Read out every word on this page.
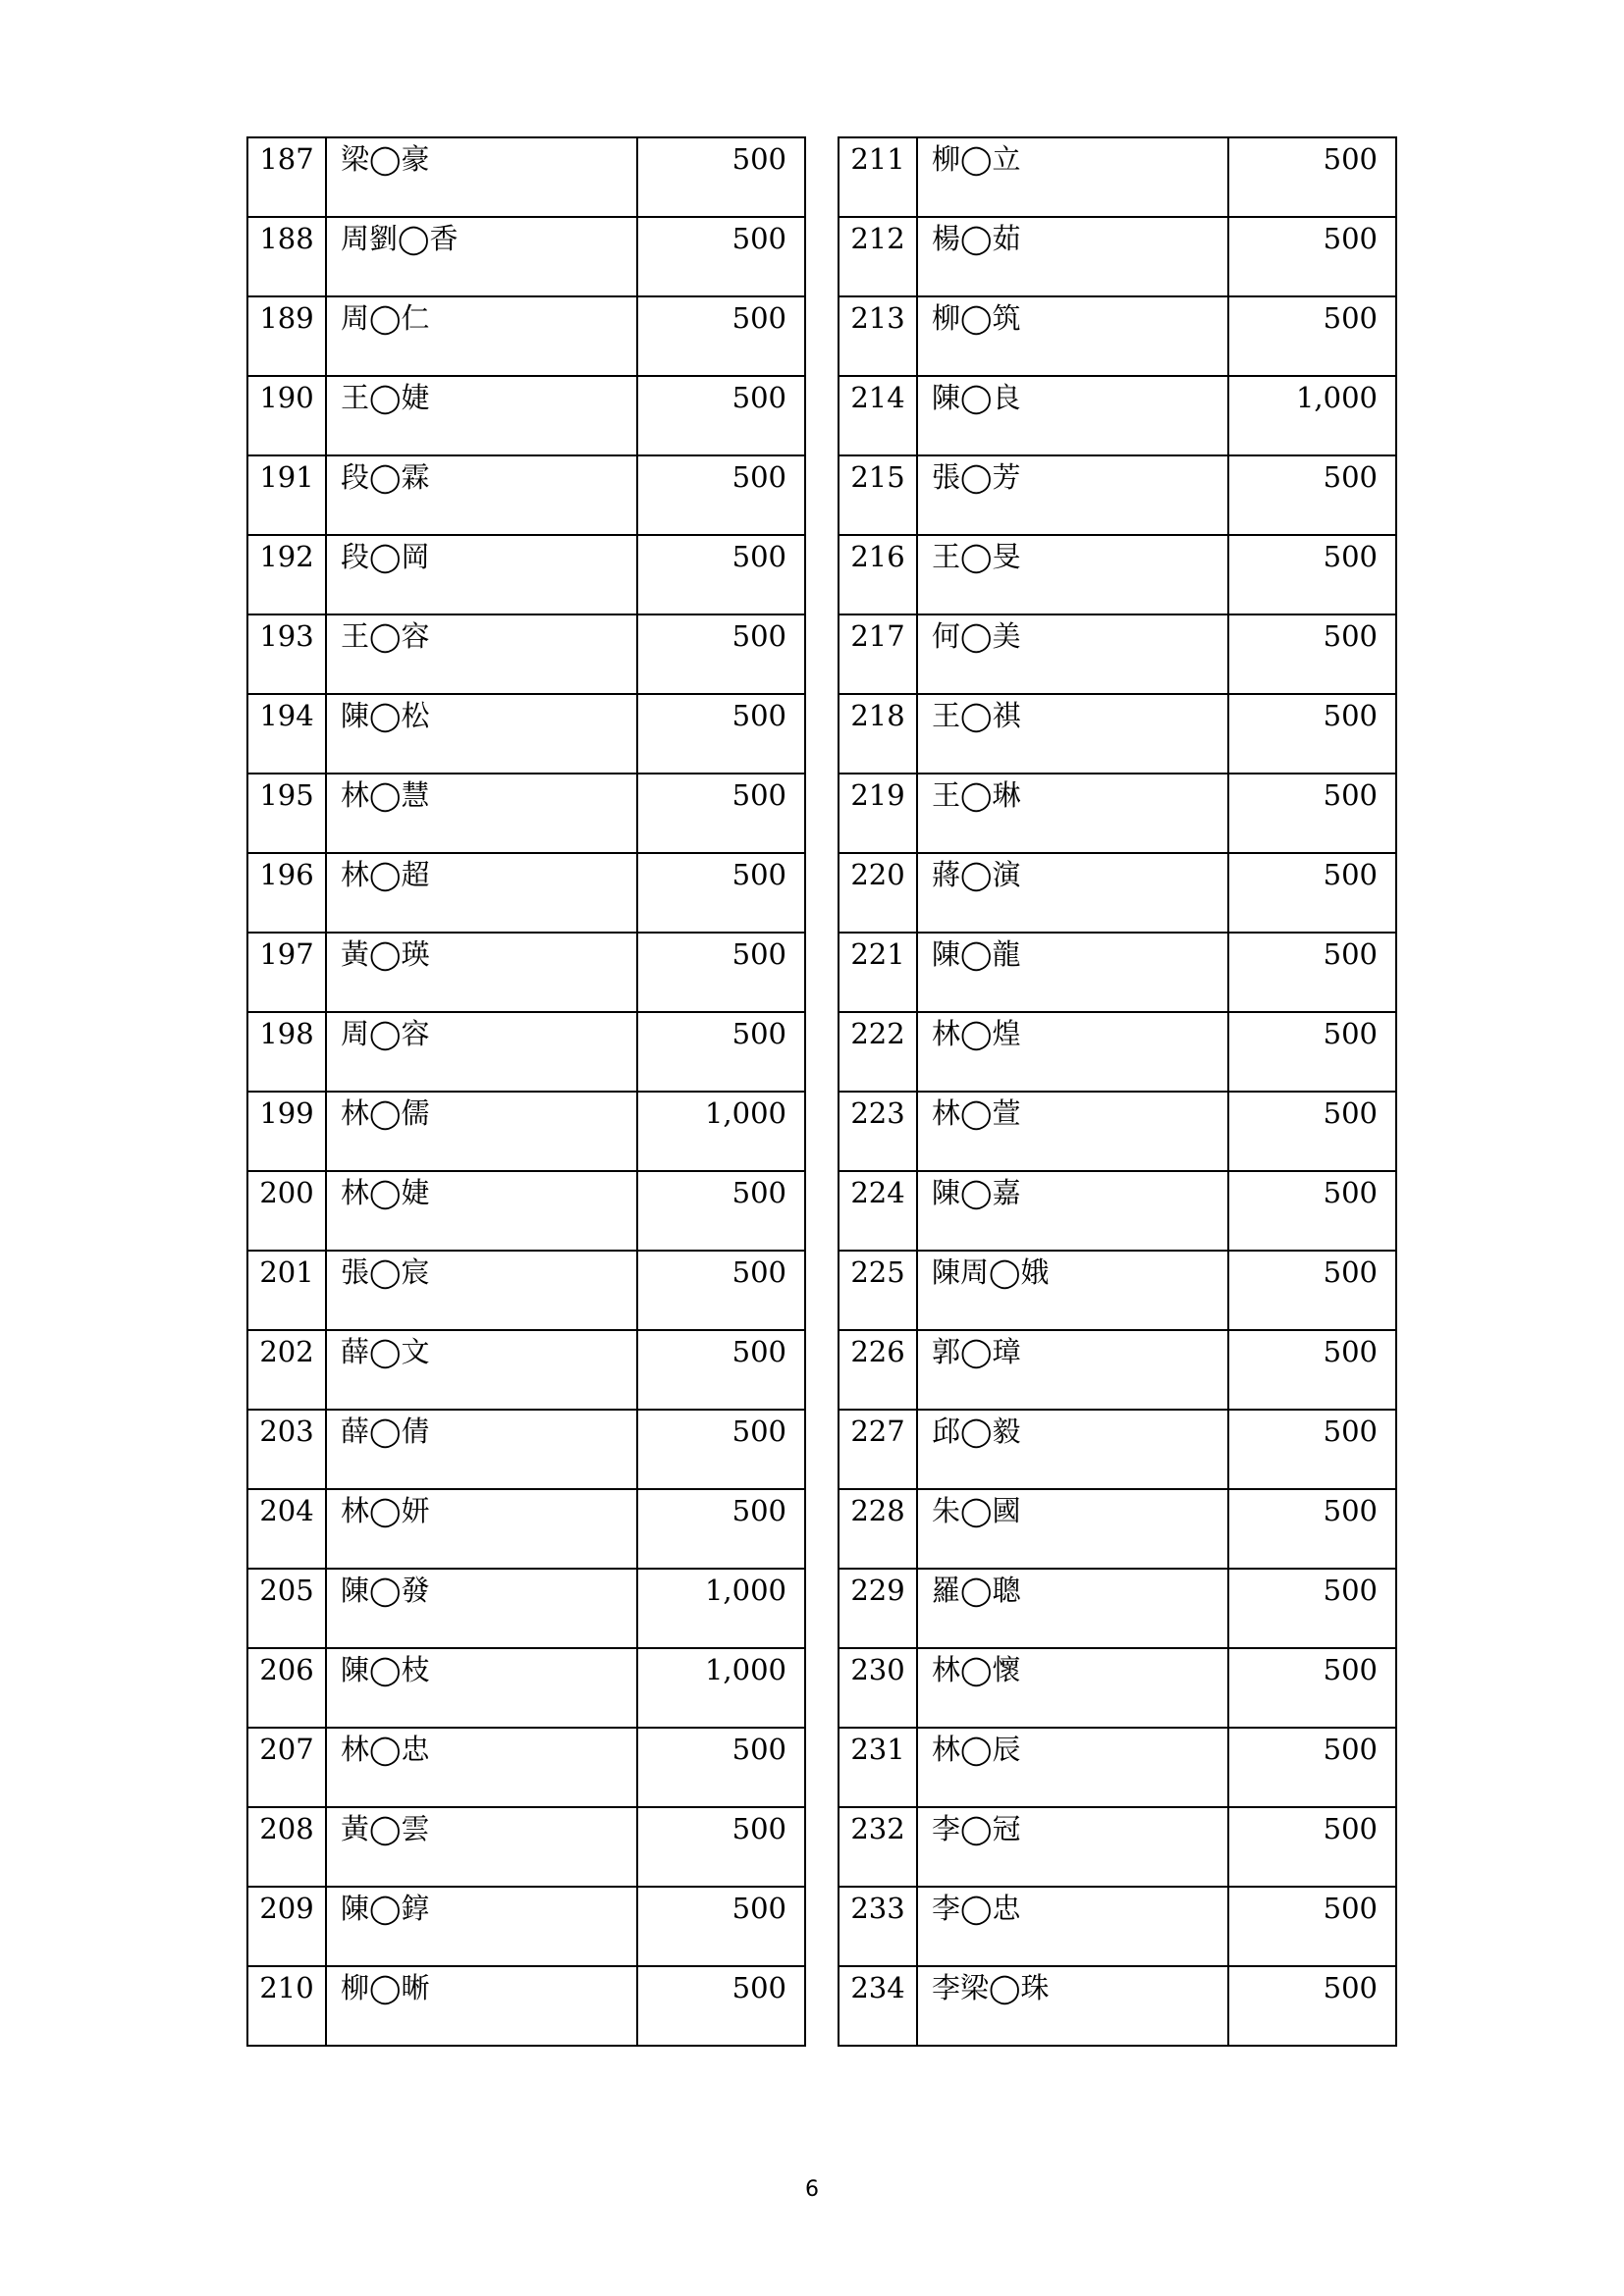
187	梁◯豪	500
188	周劉◯香	500
189	周◯仁	500
190	王◯婕	500
191	段◯霖	500
192	段◯岡	500
193	王◯容	500
194	陳◯松	500
195	林◯慧	500
196	林◯超	500
197	黃◯瑛	500
198	周◯容	500
199	林◯儒	1,000
200	林◯婕	500
201	張◯宸	500
202	薛◯文	500
203	薛◯倩	500
204	林◯妍	500
205	陳◯發	1,000
206	陳◯枝	1,000
207	林◯忠	500
208	黃◯雲	500
209	陳◯錞	500
210	柳◯晰	500
211	柳◯立	500
212	楊◯茹	500
213	柳◯筑	500
214	陳◯良	1,000
215	張◯芳	500
216	王◯旻	500
217	何◯美	500
218	王◯祺	500
219	王◯琳	500
220	蔣◯演	500
221	陳◯龍	500
222	林◯煌	500
223	林◯萱	500
224	陳◯嘉	500
225	陳周◯娥	500
226	郭◯璋	500
227	邱◯毅	500
228	朱◯國	500
229	羅◯聰	500
230	林◯懷	500
231	林◯辰	500
232	李◯冠	500
233	李◯忠	500
234	李梁◯珠	500
6
